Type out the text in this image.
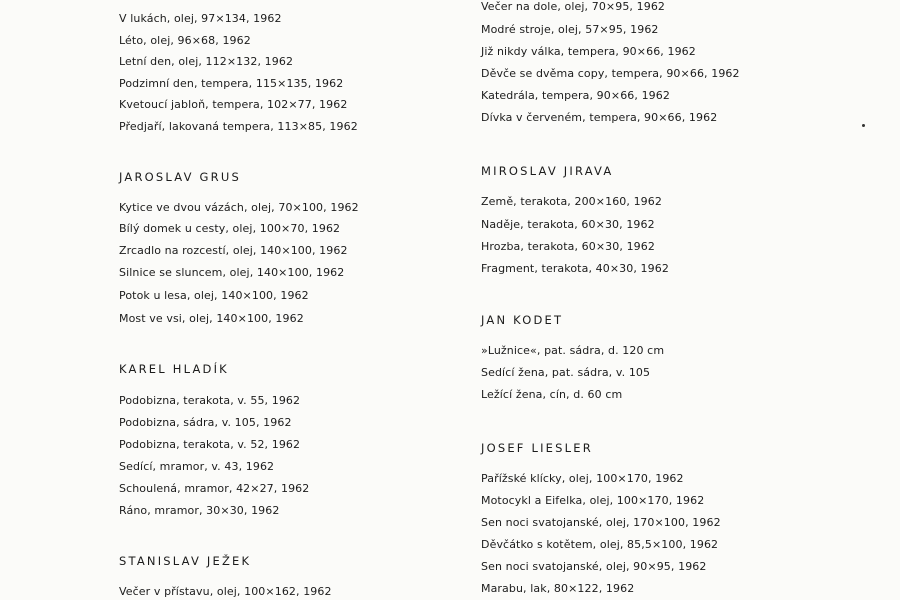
V lukách, olej, 97×134, 1962
Léto, olej, 96×68, 1962
Letní den, olej, 112×132, 1962
Podzimní den, tempera, 115×135, 1962
Kvetoucí jabloň, tempera, 102×77, 1962
Předjaří, lakovaná tempera, 113×85, 1962
JAROSLAV GRUS
Kytice ve dvou vázách, olej, 70×100, 1962
Bílý domek u cesty, olej, 100×70, 1962
Zrcadlo na rozcestí, olej, 140×100, 1962
Silnice se sluncem, olej, 140×100, 1962
Potok u lesa, olej, 140×100, 1962
Most ve vsi, olej, 140×100, 1962
KAREL HLADÍK
Podobizna, terakota, v. 55, 1962
Podobizna, sádra, v. 105, 1962
Podobizna, terakota, v. 52, 1962
Sedící, mramor, v. 43, 1962
Schoulená, mramor, 42×27, 1962
Ráno, mramor, 30×30, 1962
STANISLAV JEŽEK
Večer v přístavu, olej, 100×162, 1962
Večer na dole, olej, 70×95, 1962
Modré stroje, olej, 57×95, 1962
Již nikdy válka, tempera, 90×66, 1962
Děvče se dvěma copy, tempera, 90×66, 1962
Katedrála, tempera, 90×66, 1962
Dívka v červeném, tempera, 90×66, 1962
MIROSLAV JIRAVA
Země, terakota, 200×160, 1962
Naděje, terakota, 60×30, 1962
Hrozba, terakota, 60×30, 1962
Fragment, terakota, 40×30, 1962
JAN KODET
»Lužnice«, pat. sádra, d. 120 cm
Sedící žena, pat. sádra, v. 105
Ležící žena, cín, d. 60 cm
JOSEF LIESLER
Pařížské klícky, olej, 100×170, 1962
Motocykl a Eifelka, olej, 100×170, 1962
Sen noci svatojanské, olej, 170×100, 1962
Děvčátko s kotětem, olej, 85,5×100, 1962
Sen noci svatojanské, olej, 90×95, 1962
Marabu, lak, 80×122, 1962
